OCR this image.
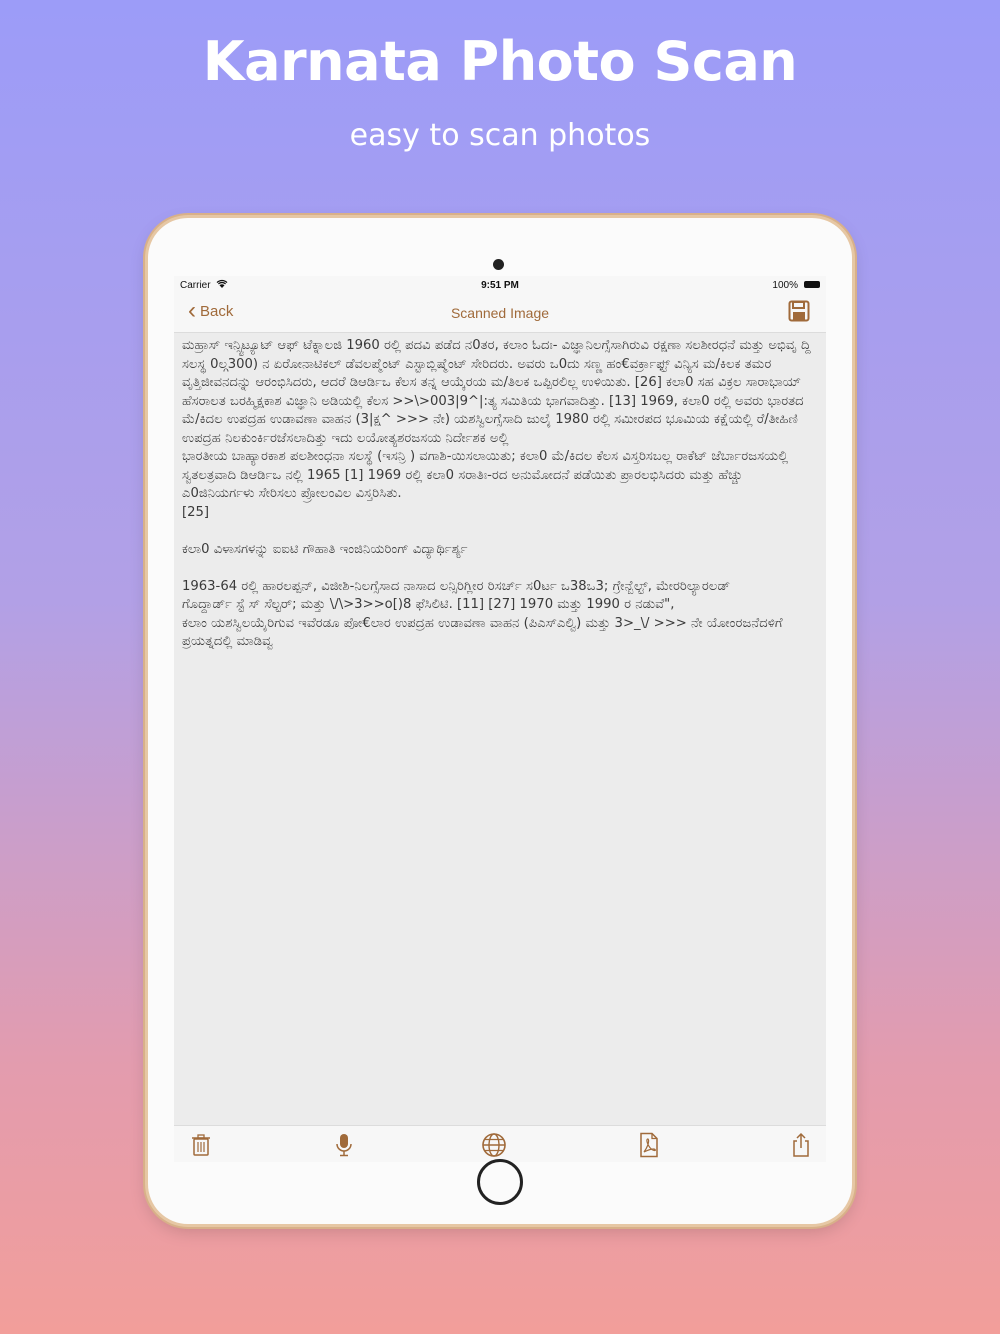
Karnata Photo Scan
easy to scan photos
Carrier	9:51 PM	100%
‹ Back	Scanned Image

ಮಹ್ರಾಸ್ ಇನ್ಸ್ಟಿಟ್ಯೂಟ್ ಆಫ್ ಟೆಕ್ನಾಲಜಿ 1960 ರಲ್ಲಿ ಪದವಿ ಪಡೆದ ನ0ತರ, ಕಲಾಂ ಓದಃ- ವಿಜ್ಞಾನಿಲಗ್ಸೆಸಾಗಿರುವಿ ರಕ್ಷಣಾ ಸಲಶೀರಧನೆ ಮತ್ತು ಅಭಿವೃ ದ್ದಿ ಸಲಸ್ಥ 0ಲ್ಗ300) ನ ಏರೋನಾಟಿಕಲ್ ಡೆವಲಪ್ಮೆಂಟ್ ಎಸ್ಟಾಬ್ಲಿಷ್ಮೆಂಟ್ ಸೇರಿದರು. ಅವರು ಒ0ದು ಸಣ್ಣ ಹಂ€ವರ್ಕ್ರಾಫ್ಟ್ ವಿನ್ಯಿಸ ಮ/ಕಿಲಕ ತಮರ ವೃತ್ತಿಜೀವನದನ್ನು ಆರಂಭಿಸಿದರು, ಆದರೆ ಡಿಆರ್ಡಿಒ ಕೆಲಸ ತನ್ನ ಆಯ್ಕೆರಯ ಮ/ತಿಲಕ ಒಪ್ಪಿರಲಿಲ್ಲ ಉಳಿಯಿತು. [26] ಕಲಾ0 ಸಹ ವಿಕ್ರಲ ಸಾರಾಭಾಯ್ ಹೆಸರಾಲತ ಬರಹ್ಮಿಕ್ಷಕಾಶ ವಿಜ್ಞಾನಿ ಅಡಿಯಲ್ಲಿ ಕೆಲಸ >>\>003|9^|:ತ್ಯ ಸಮಿತಿಯ ಭಾಗವಾದಿತ್ತು. [13] 1969, ಕಲಾ0 ರಲ್ಲಿ ಅವರು ಭಾರತದ ಮೆ/ಕಿದಲ ಉಪದ್ರಹ ಉಡಾವಣಾ ವಾಹನ (3|ಕ್ಷ^ >>> ನೇ) ಯಶಸ್ವಿಲಗ್ಸೆಸಾದಿ ಜುಲೈ 1980 ರಲ್ಲಿ ಸಮೀರಪದ ಭೂಮಿಯ ಕಕ್ಷೆಯಲ್ಲಿ ರೆ/ತೀಹಿಣಿ ಉಪದ್ರಹ ನಿಲಕುಂರ್ಕಿರಜೆಸಲಾದಿತ್ತು ಇದು ಲಯೋತ್ಯಶರಜಸಯ ನಿರ್ದೇಶಕ ಅಲ್ಲಿ
ಭಾರತೀಯ ಬಾಹ್ಯಾರಕಾಶ ಪಲಶೀಂಧನಾ ಸಲಸ್ಥೆ (ಇಸನ್ರಿ ) ವಗಾಶಿ-ಯಿಸಲಾಯಿತು; ಕಲಾ0 ಮೆ/ಕಿದಲ ಕೆಲಸ ವಿಸ್ತರಿಸಬಲ್ಲ ರಾಕೆಟ್ ಜೆರ್ಬಾರಜಸಯಲ್ಲಿ ಸ್ವತಲತ್ರವಾದಿ ಡಿಆರ್ಡಿಒ ನಲ್ಲಿ 1965 [1] 1969 ರಲ್ಲಿ ಕಲಾ0 ಸರಾತಿಃ-ರದ ಅನುಮೋದನೆ ಪಡೆಯಿತು ಪ್ರಾರಲಭಿಸಿದರು ಮತ್ತು ಹೆಚ್ಚು ಎ0ಜಿನಿಯರ್ಗಳು ಸೇರಿಸಲು ಪ್ರೋಲಂವಿಲ ವಿಸ್ತರಿಸಿತು.
[25]

ಕಲಾ0 ವಿಳಾಸಗಳನ್ನು ಐಐಟಿ ಗೌಹಾತಿ ಇಂಜಿನಿಯರಿಂಗ್ ವಿದ್ಯಾರ್ಥಿರ್ಶ್ಯ

1963-64 ರಲ್ಲಿ ಹಾರಲಪ್ಪನ್, ವಿಜೀಶಿ-ನಿಲಗ್ಸೆಸಾದ ನಾಸಾದ ಲನ್ಸಿರಿಗ್ಲೀರ ರಿಸರ್ಚ್ ಸ0ರ್ಟ ಒ38ಒ3; ಗ್ರೇನ್ಬೆಲ್ಟ್, ಮೇರರಿಲ್ಯಾರಲಡ್
ಗೊದ್ದಾರ್ಡ್ ಸ್ಟೆ ಸ್ ಸೆಲ್ಟರ್; ಮತ್ತು \/\>3>>o[)8 ಫೆಸಿಲಿಟಿ. [11] [27] 1970 ಮತ್ತು 1990 ರ ನಡುವೆ",
ಕಲಾಂ ಯಶಸ್ವಿಲಯೈರಿಗುವ ಇವೆರಡೂ ಪೋ€ಲಾರ ಉಪದ್ರಹ ಉಡಾವಣಾ ವಾಹನ (ಪಿಎಸ್ಎಲ್ವಿ) ಮತ್ತು 3>_\/ >>> ನೇ ಯೋಂರಜನೆದಳಿಗೆ ಪ್ರಯತ್ನದಲ್ಲಿ ಮಾಡಿವ್ವ
